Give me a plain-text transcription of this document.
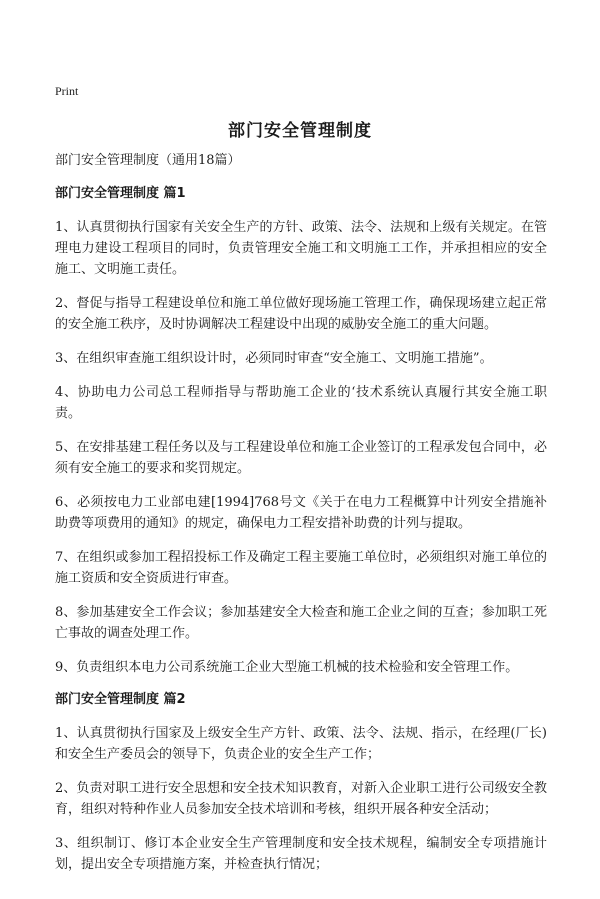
Print
部门安全管理制度

部门安全管理制度（通用18篇）

部门安全管理制度 篇1

1、认真贯彻执行国家有关安全生产的方针、政策、法令、法规和上级有关规定。在管理电力建设工程项目的同时，负责管理安全施工和文明施工工作，并承担相应的安全施工、文明施工责任。

2、督促与指导工程建设单位和施工单位做好现场施工管理工作，确保现场建立起正常的安全施工秩序，及时协调解决工程建设中出现的威胁安全施工的重大问题。

3、在组织审查施工组织设计时，必须同时审查“安全施工、文明施工措施”。

4、协助电力公司总工程师指导与帮助施工企业的‘技术系统认真履行其安全施工职责。

5、在安排基建工程任务以及与工程建设单位和施工企业签订的工程承发包合同中，必须有安全施工的要求和奖罚规定。

6、必须按电力工业部电建[1994]768号文《关于在电力工程概算中计列安全措施补助费等项费用的通知》的规定，确保电力工程安措补助费的计列与提取。

7、在组织或参加工程招投标工作及确定工程主要施工单位时，必须组织对施工单位的施工资质和安全资质进行审查。

8、参加基建安全工作会议；参加基建安全大检查和施工企业之间的互查；参加职工死亡事故的调查处理工作。

9、负责组织本电力公司系统施工企业大型施工机械的技术检验和安全管理工作。

部门安全管理制度 篇2

1、认真贯彻执行国家及上级安全生产方针、政策、法令、法规、指示，在经理(厂长)和安全生产委员会的领导下，负责企业的安全生产工作；

2、负责对职工进行安全思想和安全技术知识教育，对新入企业职工进行公司级安全教育，组织对特种作业人员参加安全技术培训和考核，组织开展各种安全活动；

3、组织制订、修订本企业安全生产管理制度和安全技术规程，编制安全专项措施计划，提出安全专项措施方案，并检查执行情况；
